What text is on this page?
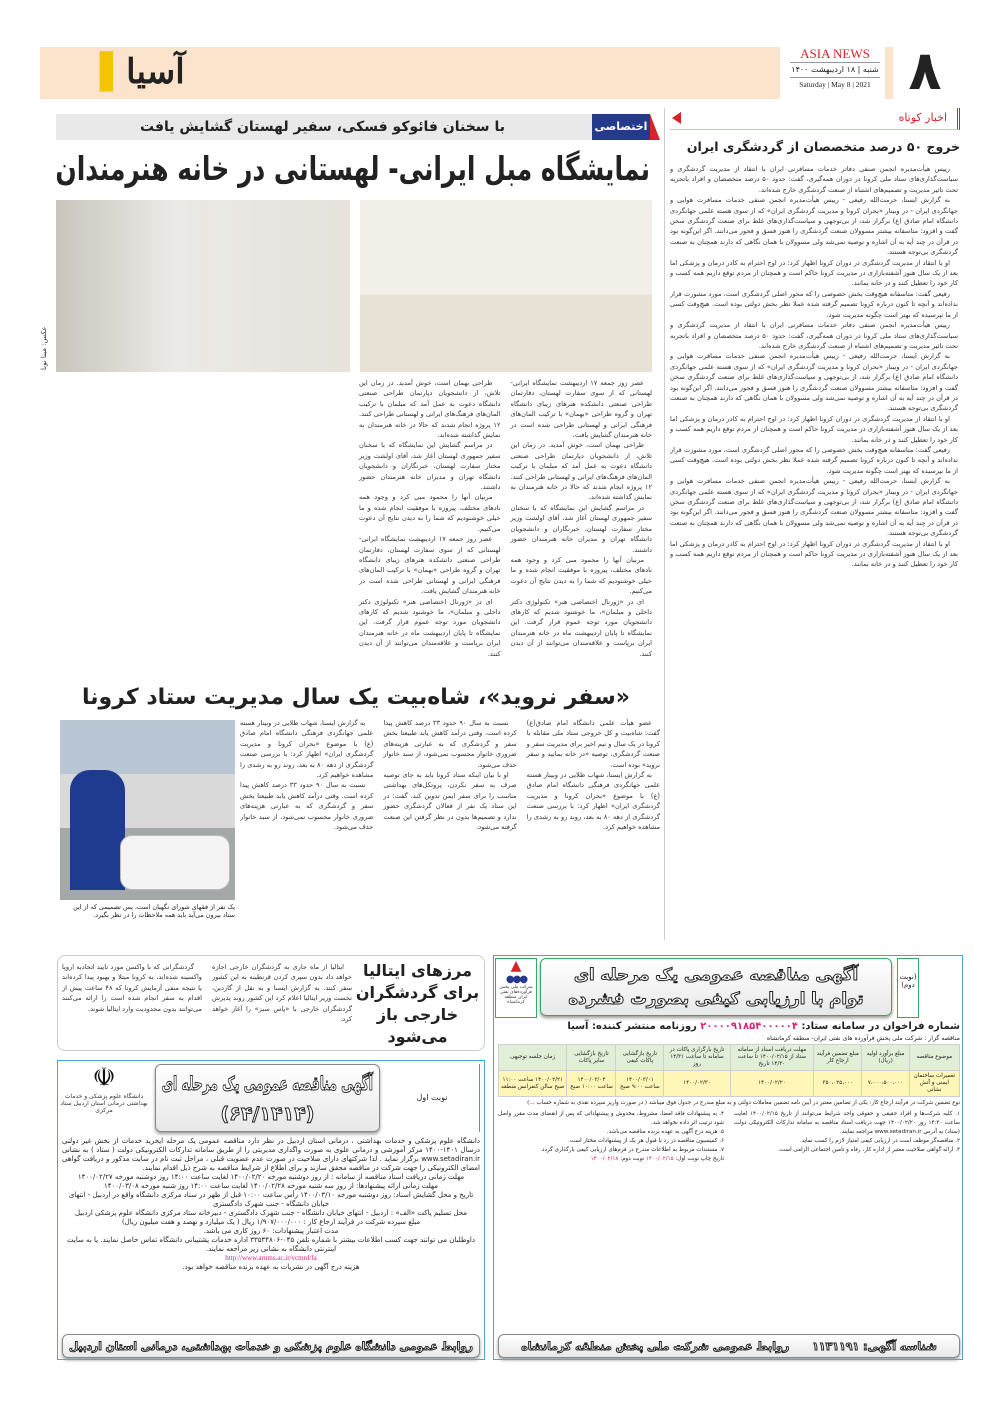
▌آسیا	ASIA NEWS
شنبه | ۱۸ اردیبهشت ۱۴۰۰
Saturday | May 8 | 2021 ۸
اخبار کوتاه
خروج ۵۰ درصد متخصصان از گردشگری ایران

رییس هیأت‌مدیره انجمن صنفی دفاتر خدمات مسافرتی ایران با انتقاد از مدیریت گردشگری و سیاست‌گذاری‌های ستاد ملی کرونا در دوران همه‌گیری، گفت: حدود ۵۰ درصد متخصصان و افراد باتجربه تحت تاثیر مدیریت و تصمیم‌های اشتباه از صنعت گردشگری خارج شده‌اند.

به گزارش ایسنا، حرمت‌الله رفیعی - رییس هیأت‌مدیره انجمن صنفی خدمات مسافرت هوایی و جهانگردی ایران - در وبینار «بحران کرونا و مدیریت گردشگری ایران» که از سوی هسته علمی جهانگردی دانشگاه امام صادق (ع) برگزار شد، از بی‌توجهی و سیاست‌گذاری‌های غلط برای صنعت گردشگری سخن گفت و افزود: متاسفانه بیشتر مسوولان صنعت گردشگری را هنوز فسق و فجور می‌دانند. اگر این‌گونه بود در قرآن در چند آیه به آن اشاره و توصیه نمی‌شد ولی مسوولان با همان نگاهی که دارند همچنان به صنعت گردشگری بی‌توجه هستند.

او با انتقاد از مدیریت گردشگری در دوران کرونا اظهار کرد: در اوج احترام به کادر درمان و پزشکی اما بعد از یک سال هنوز آشفته‌بازاری در مدیریت کرونا حاکم است و همچنان از مردم توقع داریم همه کسب و کار خود را تعطیل کنند و در خانه بمانند.

رفیعی گفت: متاسفانه هیچ‌وقت بخش خصوصی را که محور اصلی گردشگری است، مورد مشورت قرار نداده‌اند و آنچه تا کنون درباره کرونا تصمیم گرفته شده عملا نظر بخش دولتی بوده است. هیچ‌وقت کسی از ما نپرسیده که بهتر است چگونه مدیریت شود.

رییس هیأت‌مدیره انجمن صنفی دفاتر خدمات مسافرتی ایران با انتقاد از مدیریت گردشگری و سیاست‌گذاری‌های ستاد ملی کرونا در دوران همه‌گیری، گفت: حدود ۵۰ درصد متخصصان و افراد باتجربه تحت تاثیر مدیریت و تصمیم‌های اشتباه از صنعت گردشگری خارج شده‌اند.

به گزارش ایسنا، حرمت‌الله رفیعی - رییس هیأت‌مدیره انجمن صنفی خدمات مسافرت هوایی و جهانگردی ایران - در وبینار «بحران کرونا و مدیریت گردشگری ایران» که از سوی هسته علمی جهانگردی دانشگاه امام صادق (ع) برگزار شد، از بی‌توجهی و سیاست‌گذاری‌های غلط برای صنعت گردشگری سخن گفت و افزود: متاسفانه بیشتر مسوولان صنعت گردشگری را هنوز فسق و فجور می‌دانند. اگر این‌گونه بود در قرآن در چند آیه به آن اشاره و توصیه نمی‌شد ولی مسوولان با همان نگاهی که دارند همچنان به صنعت گردشگری بی‌توجه هستند.

او با انتقاد از مدیریت گردشگری در دوران کرونا اظهار کرد: در اوج احترام به کادر درمان و پزشکی اما بعد از یک سال هنوز آشفته‌بازاری در مدیریت کرونا حاکم است و همچنان از مردم توقع داریم همه کسب و کار خود را تعطیل کنند و در خانه بمانند.

رفیعی گفت: متاسفانه هیچ‌وقت بخش خصوصی را که محور اصلی گردشگری است، مورد مشورت قرار نداده‌اند و آنچه تا کنون درباره کرونا تصمیم گرفته شده عملا نظر بخش دولتی بوده است. هیچ‌وقت کسی از ما نپرسیده که بهتر است چگونه مدیریت شود.

به گزارش ایسنا، حرمت‌الله رفیعی - رییس هیأت‌مدیره انجمن صنفی خدمات مسافرت هوایی و جهانگردی ایران - در وبینار «بحران کرونا و مدیریت گردشگری ایران» که از سوی هسته علمی جهانگردی دانشگاه امام صادق (ع) برگزار شد، از بی‌توجهی و سیاست‌گذاری‌های غلط برای صنعت گردشگری سخن گفت و افزود: متاسفانه بیشتر مسوولان صنعت گردشگری را هنوز فسق و فجور می‌دانند. اگر این‌گونه بود در قرآن در چند آیه به آن اشاره و توصیه نمی‌شد ولی مسوولان با همان نگاهی که دارند همچنان به صنعت گردشگری بی‌توجه هستند.

او با انتقاد از مدیریت گردشگری در دوران کرونا اظهار کرد: در اوج احترام به کادر درمان و پزشکی اما بعد از یک سال هنوز آشفته‌بازاری در مدیریت کرونا حاکم است و همچنان از مردم توقع داریم همه کسب و کار خود را تعطیل کنند و در خانه بمانند.

اختصاصی
با سخنان فائوکو فسکی، سفیر لهستان گشایش یافت
نمایشگاه مبل ایرانی- لهستانی در خانه هنرمندان
عکس: مینا نوبا

عصر روز جمعه ۱۷ اردیبهشت نمایشگاه ایرانی- لهستانی که از سوی سفارت لهستان، دفارتمان طراحی صنعتی دانشکده هنرهای زیبای دانشگاه تهران و گروه طراحی «بهمان» با ترکیب المان‌های فرهنگی ایرانی و لهستانی طراحی شده است در خانه هنرمندان گشایش یافت.

طراحی بهمان است، خوش آمدید. در زمان این تلاش، از دانشجویان دپارتمان طراحی صنعتی دانشگاه دعوت به عمل آمد که مبلمان با ترکیب المان‌های فرهنگ‌های ایرانی و لهستانی طراحی کنند. ۱۲ پروژه انجام شدند که حالا در خانه هنرمندان به نمایش گذاشته شده‌اند.

در مراسم گشایش این نمایشگاه که با سخنان سفیر جمهوری لهستان آغاز شد، آقای اولشت وزیر مختار سفارت لهستان، خبرنگاران و دانشجویان دانشگاه تهران و مدیران خانه هنرمندان حضور داشتند.

مربیان آنها را محمود مبی کرد و وجود همه نادهای مختلف، پیروزه با موفقیت انجام شده و ما خیلی خوشنودیم که شما را به دیدن نتایج آن دعوت می‌کنیم.

ای در «ژورنال اختصاصی هنر» تکنولوژی دکتر داخلی و مبلمان»، ما خوشنود شدیم که کارهای دانشجویان مورد توجه عموم قرار گرفت. این نمایشگاه تا پایان اردیبهشت ماه در خانه هنرمندان ایران برپاست و علاقه‌مندان می‌توانند از آن دیدن کنند.

طراحی بهمان است، خوش آمدید. در زمان این تلاش، از دانشجویان دپارتمان طراحی صنعتی دانشگاه دعوت به عمل آمد که مبلمان با ترکیب المان‌های فرهنگ‌های ایرانی و لهستانی طراحی کنند. ۱۲ پروژه انجام شدند که حالا در خانه هنرمندان به نمایش گذاشته شده‌اند.

در مراسم گشایش این نمایشگاه که با سخنان سفیر جمهوری لهستان آغاز شد، آقای اولشت وزیر مختار سفارت لهستان، خبرنگاران و دانشجویان دانشگاه تهران و مدیران خانه هنرمندان حضور داشتند.

مربیان آنها را محمود مبی کرد و وجود همه نادهای مختلف، پیروزه با موفقیت انجام شده و ما خیلی خوشنودیم که شما را به دیدن نتایج آن دعوت می‌کنیم.

عصر روز جمعه ۱۷ اردیبهشت نمایشگاه ایرانی- لهستانی که از سوی سفارت لهستان، دفارتمان طراحی صنعتی دانشکده هنرهای زیبای دانشگاه تهران و گروه طراحی «بهمان» با ترکیب المان‌های فرهنگی ایرانی و لهستانی طراحی شده است در خانه هنرمندان گشایش یافت.

ای در «ژورنال اختصاصی هنر» تکنولوژی دکتر داخلی و مبلمان»، ما خوشنود شدیم که کارهای دانشجویان مورد توجه عموم قرار گرفت. این نمایشگاه تا پایان اردیبهشت ماه در خانه هنرمندان ایران برپاست و علاقه‌مندان می‌توانند از آن دیدن کنند.

«سفر نروید»، شاه‌بیت یک سال مدیریت ستاد کرونا
یک نفر از فقهای شورای نگهبان است، پس تصمیمی که از این ستاد بیرون می‌آید باید همه ملاحظات را در نظر بگیرد.

عضو هیأت علمی دانشگاه امام صادق(ع) گفت: شاه‌بیت و کل خروجی ستاد ملی مقابله با کرونا در یک سال و نیم اخیر برای مدیریت سفر و صنعت گردشگری، توصیه «در خانه بمانید و سفر نروید» بوده است.

به گزارش ایسنا، شهاب طلایی در وبینار هسته علمی جهانگردی فرهنگی دانشگاه امام صادق (ع) با موضوع «بحران کرونا و مدیریت گردشگری ایران» اظهار کرد: با بررسی صنعت گردشگری از دهه ۸۰ به بعد، روند رو به رشدی را مشاهده خواهیم کرد.

نسبت به سال ۹۰ حدود ۳۳ درصد کاهش پیدا کرده است. وقتی درآمد کاهش یابد طبیعتا بخش سفر و گردشگری که به عبارتی هزینه‌های ضروری خانوار محسوب نمی‌شود، از سبد خانوار حذف می‌شود.

او با بیان اینکه ستاد کرونا باید به جای توصیه صرف به سفر نکردن، پروتکل‌های بهداشتی مناسب را برای سفر ایمن تدوین کند، گفت: در این ستاد یک نفر از فعالان گردشگری حضور ندارد و تصمیم‌ها بدون در نظر گرفتن این صنعت گرفته می‌شود.

به گزارش ایسنا، شهاب طلایی در وبینار هسته علمی جهانگردی فرهنگی دانشگاه امام صادق (ع) با موضوع «بحران کرونا و مدیریت گردشگری ایران» اظهار کرد: با بررسی صنعت گردشگری از دهه ۸۰ به بعد، روند رو به رشدی را مشاهده خواهیم کرد.

نسبت به سال ۹۰ حدود ۳۳ درصد کاهش پیدا کرده است. وقتی درآمد کاهش یابد طبیعتا بخش سفر و گردشگری که به عبارتی هزینه‌های ضروری خانوار محسوب نمی‌شود، از سبد خانوار حذف می‌شود.

مرزهای ایتالیا برای گردشگران خارجی باز می‌شود

ایتالیا از ماه جاری به گردشگران خارجی اجازه خواهد داد بدون سپری کردن قرنطینه به این کشور سفر کنند. به گزارش ایسنا و به نقل از گاردین، نخست وزیر ایتالیا اعلام کرد این کشور روند پذیرش گردشگران خارجی با «پاس سبز» را آغاز خواهد کرد.

گردشگرانی که با واکسن مورد تایید اتحادیه اروپا واکسینه شده‌اند، به کرونا مبتلا و بهبود پیدا کرده‌اند یا نتیجه منفی آزمایش کرونا که ۴۸ ساعت پیش از اقدام به سفر انجام شده است را ارائه می‌کنند می‌توانند بدون محدودیت وارد ایتالیا شوند.

☫
دانشگاه علوم پزشکی و خدمات بهداشتی درمانی استان اردبیل ستاد مرکزی
آگهی مناقصه عمومی یک مرحله ای
(۶۴/۱۴۱۴)
نوبت اول
دانشگاه علوم پزشکی و خدمات بهداشتی ، درمانی استان اردبیل در نظر دارد مناقصه عمومی یک مرحله ایخرید خدمات از بخش غیر دولتی درسال ۱۴۰۱-۱۴۰۰ مرکز آموزشی و درمانی علوی به صورت واگذاری مدیریتی را از طریق سامانه تدارکات الکترونیکی دولت ( ستاد ) به نشانی www.setadiran.ir برگزار نماید . لذا شرکتهای دارای صلاحیت در صورت عدم عضویت قبلی ، مراحل ثبت نام در سایت مذکور و دریافت گواهی امضای الکترونیکی را جهت شرکت در مناقصه محقق سازند و برای اطلاع از شرایط مناقصه به شرح ذیل اقدام نمایند.
مهلت زمانی دریافت اسناد مناقصه از سامانه : از روز دوشنبه مورخه ۱۴۰۰/۰۲/۲۰ لغایت ساعت ۱۴:۰۰ روز دوشنبه مورخه ۱۴۰۰/۰۲/۲۷
مهلت زمانی ارائه پیشنهادها: از روز سه شنبه مورخه ۱۴۰۰/۰۲/۲۸ لغایت ساعت ۱۴:۰۰ روز شنبه مورخه ۱۴۰۰/۰۳/۰۸
تاریخ و محل گشایش اسناد: روز دوشنبه مورخه ۱۴۰۰/۰۳/۱۰ رأس ساعت ۱۰:۰۰ قبل از ظهر در ستاد مرکزی دانشگاه واقع در اردبیل - انتهای خیابان دانشگاه - جنب شهرک دادگستری
محل تسلیم پاکت «الف» : اردبیل - انتهای خیابان دانشگاه - جنب شهرک دادگستری - دبیرخانه ستاد مرکزی دانشگاه علوم پزشکی اردبیل
مبلغ سپرده شرکت در فرآیند ارجاع کار : ۱/۹۰۷/۰۰۰/۰۰۰ ریال ( یک میلیارد و نهصد و هفت میلیون ریال)
مدت اعتبار پیشنهادات: ۶۰ روز کاری می باشد.
داوطلبان می توانند جهت کسب اطلاعات بیشتر با شماره تلفن ۰۴۵-۳۳۵۳۴۸۰۶ اداره خدمات پشتیبانی دانشگاه تماس حاصل نمایند. یا به سایت اینترنتی دانشگاه به نشانی زیر مراجعه نمایند.
http://www.arums.ac.ir/vcmrd/fa
هزینه درج آگهی در نشریات به عهده برنده مناقصه خواهد بود.
روابط عمومی دانشگاه علوم پزشکی و خدمات بهداشتی، درمانی استان اردبیل
▲
●●●
شرکت ملی پخش فرآورده‌های نفتی ایران منطقه کرمانشاه
آگهی مناقصه عمومی یک مرحله ای
توام با ارزیابی کیفی بصورت فشرده
(نوبت دوم)
شماره فراخوان در سامانه ستاد: ۲۰۰۰۰۹۱۸۵۴۰۰۰۰۰۴ روزنامه منتشر کننده: آسیا
مناقصه گزار : شرکت ملی پخش فرآورده های نفتی ایران- منطقه کرمانشاه
موضوع مناقصه	مبلغ برآورد اولیه (ریال)	مبلغ تضمین فرآیند ارجاع کار	مهلت دریافت اسناد از سامانه ستاد از ۱۴۰۰/۰۲/۱۵ تا ساعت ۱۴/۳۰ تاریخ	تاریخ بارگزاری پاکات در سامانه تا ساعت ۱۴/۳۱ روز	تاریخ بازگشایی پاکات کیفی	تاریخ بازگشایی سایر پاکات	زمان جلسه توجیهی
تعمیرات ساختمان ایمنی و آتش نشانی	۷،۰۰۰،۵۰۰،۰۰۰	۳۵۰،۰۲۵،۰۰۰	۱۴۰۰/۰۲/۲۰	۱۴۰۰/۰۲/۳۰	۱۴۰۰/۰۳/۰۱ ساعت ۹:۰۰ صبح	۱۴۰۰/۰۳/۰۴ ساعت ۱۰:۰۰ صبح	۱۴۰۰/۰۲/۲۱ ساعت ۱۱:۰۰ صبح سالن کنفرانس منطقه
نوع تضمین شرکت در فرآیند ارجاع کار: یکی از تضامین معتبر در آیین نامه تضمین معاملات دولتی و به مبلغ مندرج در جدول فوق میباشد ( در صورت واریز سپرده نقدی به شماره حساب ...)

۱. کلیه شرکت‌ها و افراد حقیقی و حقوقی واجد شرایط می‌توانند از تاریخ ۱۴۰۰/۰۲/۱۵ لغایت ساعت ۱۴:۳۰ روز ۱۴۰۰/۰۲/۲۰ جهت دریافت اسناد مناقصه به سامانه تدارکات الکترونیکی دولت (ستاد) به آدرس www.setadiran.ir مراجعه نمایند.

۲. مناقصه‌گر موظف است در ارزیابی کیفی امتیاز لازم را کسب نماید.

۳. ارائه گواهی صلاحیت معتبر از اداره کار، رفاه و تامین اجتماعی الزامی است.

۴. به پیشنهادات فاقد امضا، مشروط، مخدوش و پیشنهاداتی که پس از انقضای مدت مقرر واصل شود ترتیب اثر داده نخواهد شد.

۵. هزینه درج آگهی به عهده برنده مناقصه می‌باشد.

۶. کمیسیون مناقصه در رد یا قبول هر یک از پیشنهادات مختار است.

۷. مستندات مربوط به اطلاعات مندرج در فرم‌های ارزیابی کیفی بارگذاری گردد.

تاریخ چاپ نوبت اول: ۱۴۰۰/۰۲/۱۵ نوبت دوم: ۱۴۰۰/۰۲/۱۸

شناسه آگهی: ۱۱۳۱۱۹۱      روابط عمومی شرکت ملی پخش منطقه کرمانشاه
